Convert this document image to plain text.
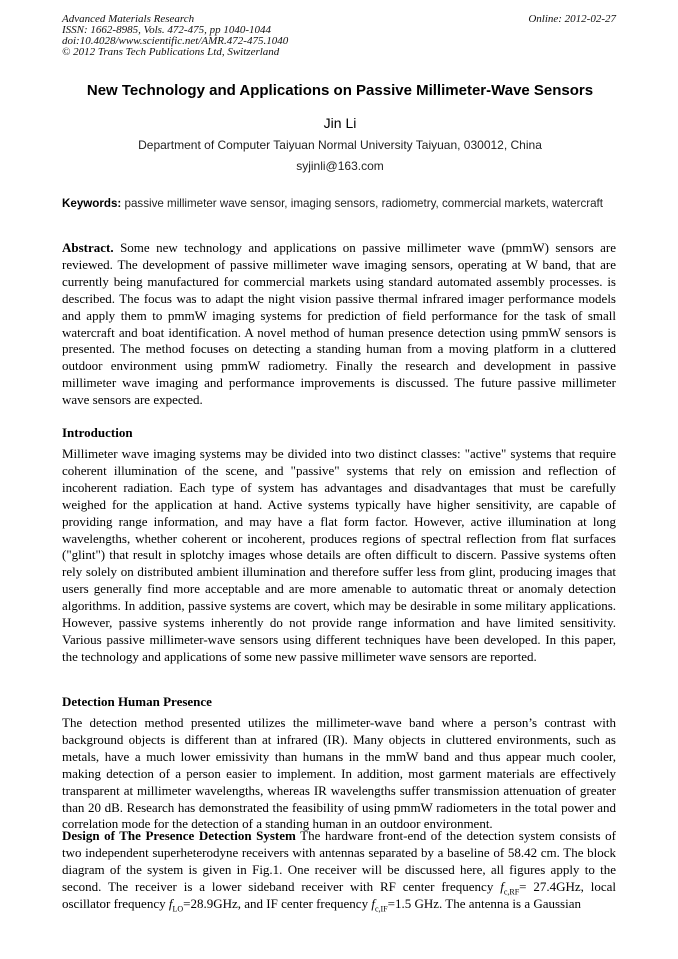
Advanced Materials Research
ISSN: 1662-8985, Vols. 472-475, pp 1040-1044
doi:10.4028/www.scientific.net/AMR.472-475.1040
© 2012 Trans Tech Publications Ltd, Switzerland
Online: 2012-02-27
New Technology and Applications on Passive Millimeter-Wave Sensors
Jin Li
Department of Computer Taiyuan Normal University Taiyuan, 030012, China
syjinli@163.com
Keywords: passive millimeter wave sensor, imaging sensors, radiometry, commercial markets, watercraft
Abstract. Some new technology and applications on passive millimeter wave (pmmW) sensors are reviewed. The development of passive millimeter wave imaging sensors, operating at W band, that are currently being manufactured for commercial markets using standard automated assembly processes. is described. The focus was to adapt the night vision passive thermal infrared imager performance models and apply them to pmmW imaging systems for prediction of field performance for the task of small watercraft and boat identification. A novel method of human presence detection using pmmW sensors is presented. The method focuses on detecting a standing human from a moving platform in a cluttered outdoor environment using pmmW radiometry. Finally the research and development in passive millimeter wave imaging and performance improvements is discussed. The future passive millimeter wave sensors are expected.
Introduction
Millimeter wave imaging systems may be divided into two distinct classes: "active" systems that require coherent illumination of the scene, and "passive" systems that rely on emission and reflection of incoherent radiation. Each type of system has advantages and disadvantages that must be carefully weighed for the application at hand. Active systems typically have higher sensitivity, are capable of providing range information, and may have a flat form factor. However, active illumination at long wavelengths, whether coherent or incoherent, produces regions of spectral reflection from flat surfaces ("glint") that result in splotchy images whose details are often difficult to discern. Passive systems often rely solely on distributed ambient illumination and therefore suffer less from glint, producing images that users generally find more acceptable and are more amenable to automatic threat or anomaly detection algorithms. In addition, passive systems are covert, which may be desirable in some military applications. However, passive systems inherently do not provide range information and have limited sensitivity. Various passive millimeter-wave sensors using different techniques have been developed. In this paper, the technology and applications of some new passive millimeter wave sensors are reported.
Detection Human Presence
The detection method presented utilizes the millimeter-wave band where a person’s contrast with background objects is different than at infrared (IR). Many objects in cluttered environments, such as metals, have a much lower emissivity than humans in the mmW band and thus appear much cooler, making detection of a person easier to implement. In addition, most garment materials are effectively transparent at millimeter wavelengths, whereas IR wavelengths suffer transmission attenuation of greater than 20 dB. Research has demonstrated the feasibility of using pmmW radiometers in the total power and correlation mode for the detection of a standing human in an outdoor environment.
Design of The Presence Detection System The hardware front-end of the detection system consists of two independent superheterodyne receivers with antennas separated by a baseline of 58.42 cm. The block diagram of the system is given in Fig.1. One receiver will be discussed here, all figures apply to the second. The receiver is a lower sideband receiver with RF center frequency $f_{c,RF}= 27.4GHz$, local oscillator frequency $f_{LO}=28.9GHz$, and IF center frequency $f_{c,IF}=1.5$ GHz. The antenna is a Gaussian
